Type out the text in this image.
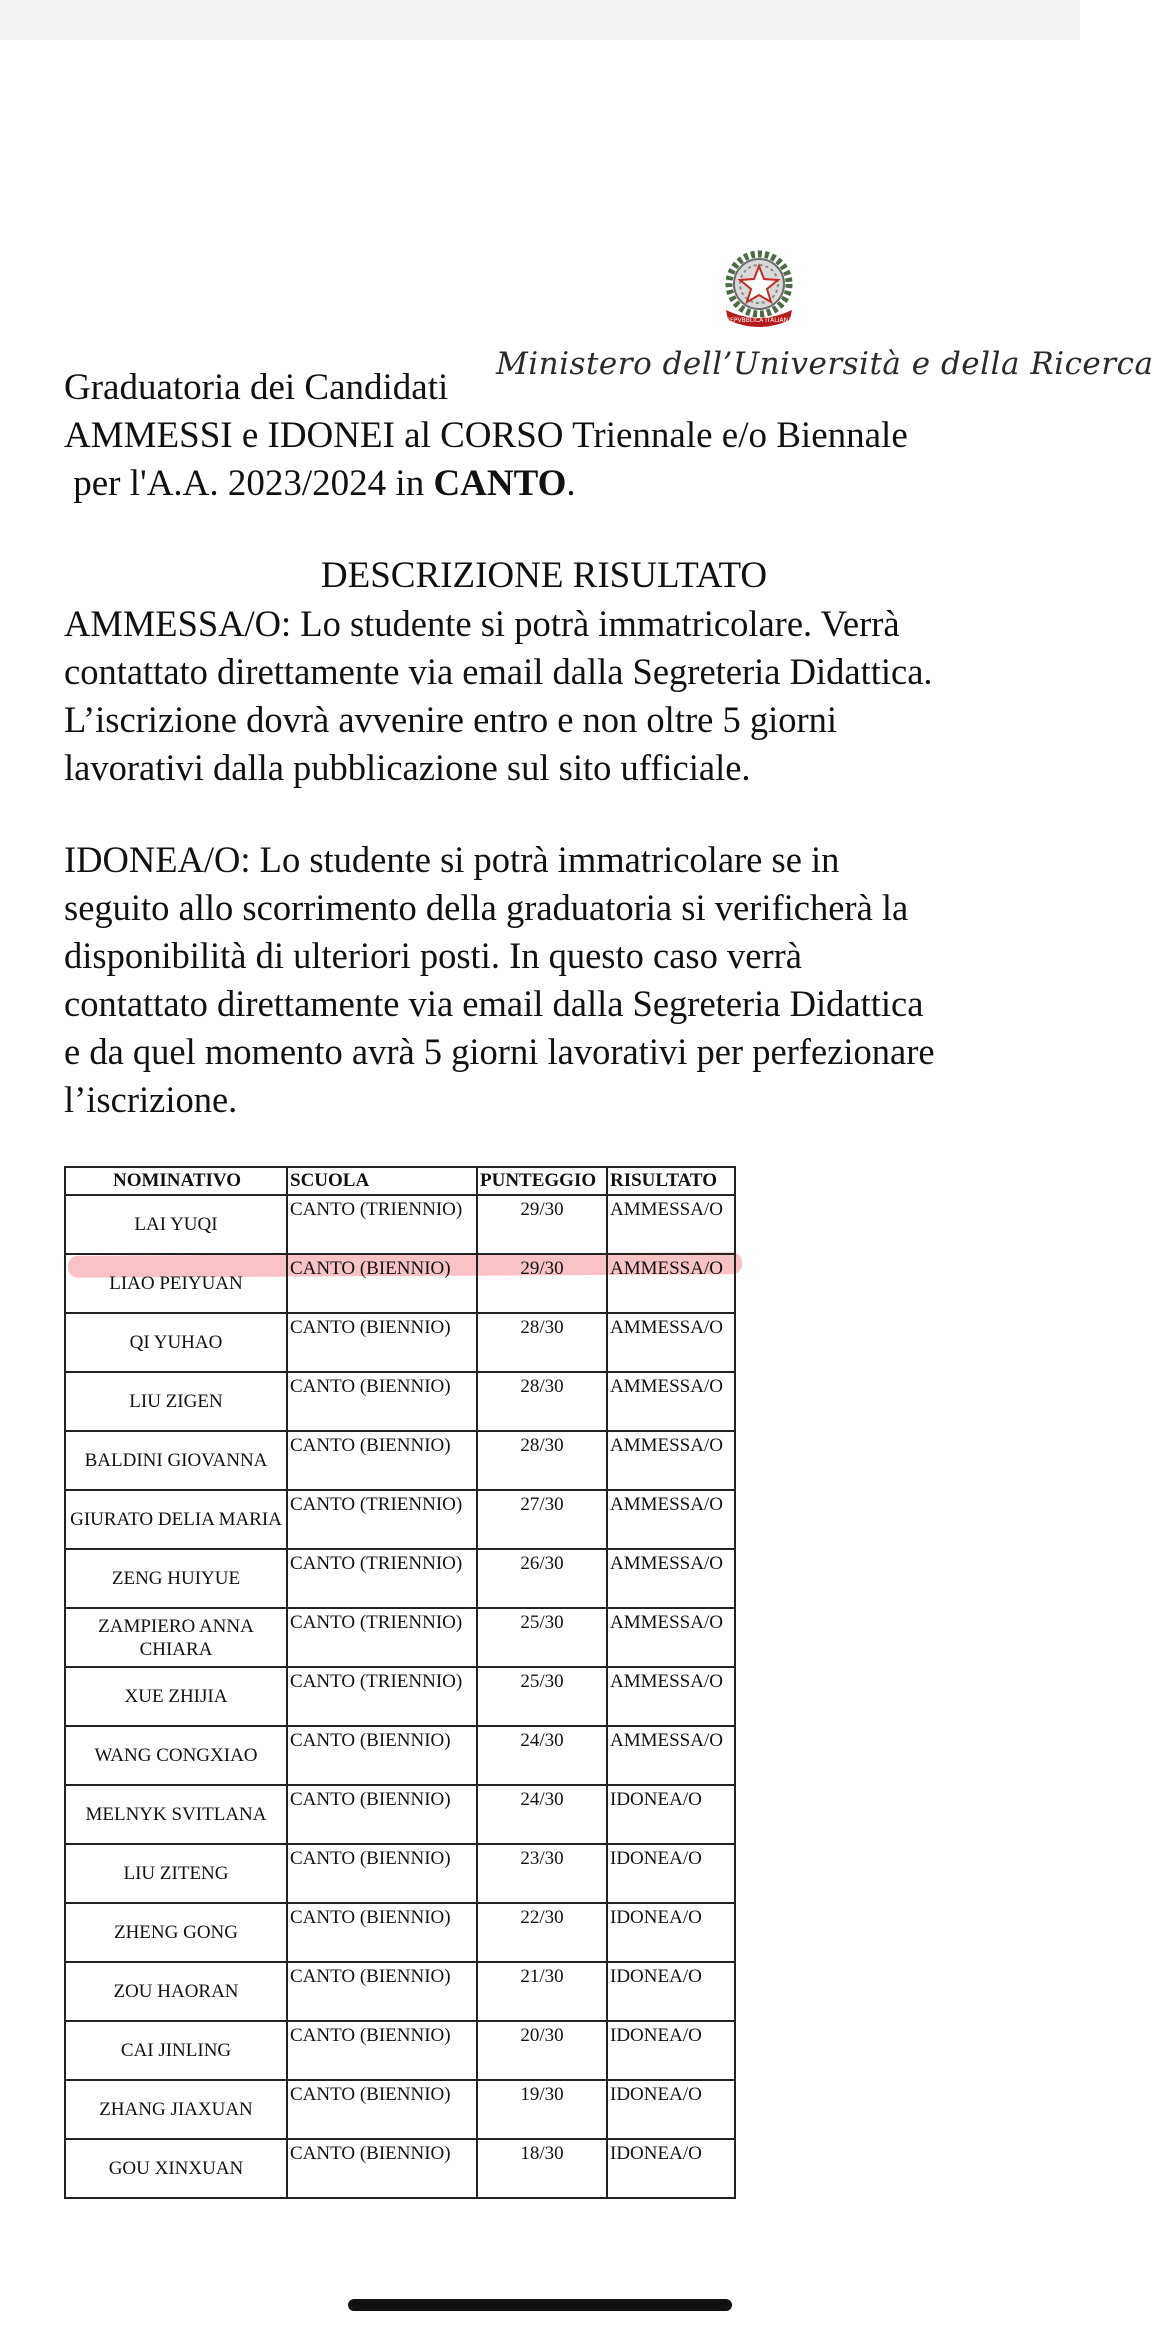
REPVBBLICA ITALIANA
Ministero dell’Università e della Ricerca
Graduatoria dei Candidati
AMMESSI e IDONEI al CORSO Triennale e/o Biennale
per l'A.A. 2023/2024 in CANTO.
DESCRIZIONE RISULTATO
AMMESSA/O: Lo studente si potrà immatricolare. Verrà
contattato direttamente via email dalla Segreteria Didattica.
L’iscrizione dovrà avvenire entro e non oltre 5 giorni
lavorativi dalla pubblicazione sul sito ufficiale.
IDONEA/O: Lo studente si potrà immatricolare se in
seguito allo scorrimento della graduatoria si verificherà la
disponibilità di ulteriori posti. In questo caso verrà
contattato direttamente via email dalla Segreteria Didattica
e da quel momento avrà 5 giorni lavorativi per perfezionare
l’iscrizione.
NOMINATIVO	SCUOLA	PUNTEGGIO	RISULTATO
LAI YUQI	CANTO (TRIENNIO)	29/30	AMMESSA/O
LIAO PEIYUAN	CANTO (BIENNIO)	29/30	AMMESSA/O
QI YUHAO	CANTO (BIENNIO)	28/30	AMMESSA/O
LIU ZIGEN	CANTO (BIENNIO)	28/30	AMMESSA/O
BALDINI GIOVANNA	CANTO (BIENNIO)	28/30	AMMESSA/O
GIURATO DELIA MARIA	CANTO (TRIENNIO)	27/30	AMMESSA/O
ZENG HUIYUE	CANTO (TRIENNIO)	26/30	AMMESSA/O
ZAMPIERO ANNA CHIARA	CANTO (TRIENNIO)	25/30	AMMESSA/O
XUE ZHIJIA	CANTO (TRIENNIO)	25/30	AMMESSA/O
WANG CONGXIAO	CANTO (BIENNIO)	24/30	AMMESSA/O
MELNYK SVITLANA	CANTO (BIENNIO)	24/30	IDONEA/O
LIU ZITENG	CANTO (BIENNIO)	23/30	IDONEA/O
ZHENG GONG	CANTO (BIENNIO)	22/30	IDONEA/O
ZOU HAORAN	CANTO (BIENNIO)	21/30	IDONEA/O
CAI JINLING	CANTO (BIENNIO)	20/30	IDONEA/O
ZHANG JIAXUAN	CANTO (BIENNIO)	19/30	IDONEA/O
GOU XINXUAN	CANTO (BIENNIO)	18/30	IDONEA/O
